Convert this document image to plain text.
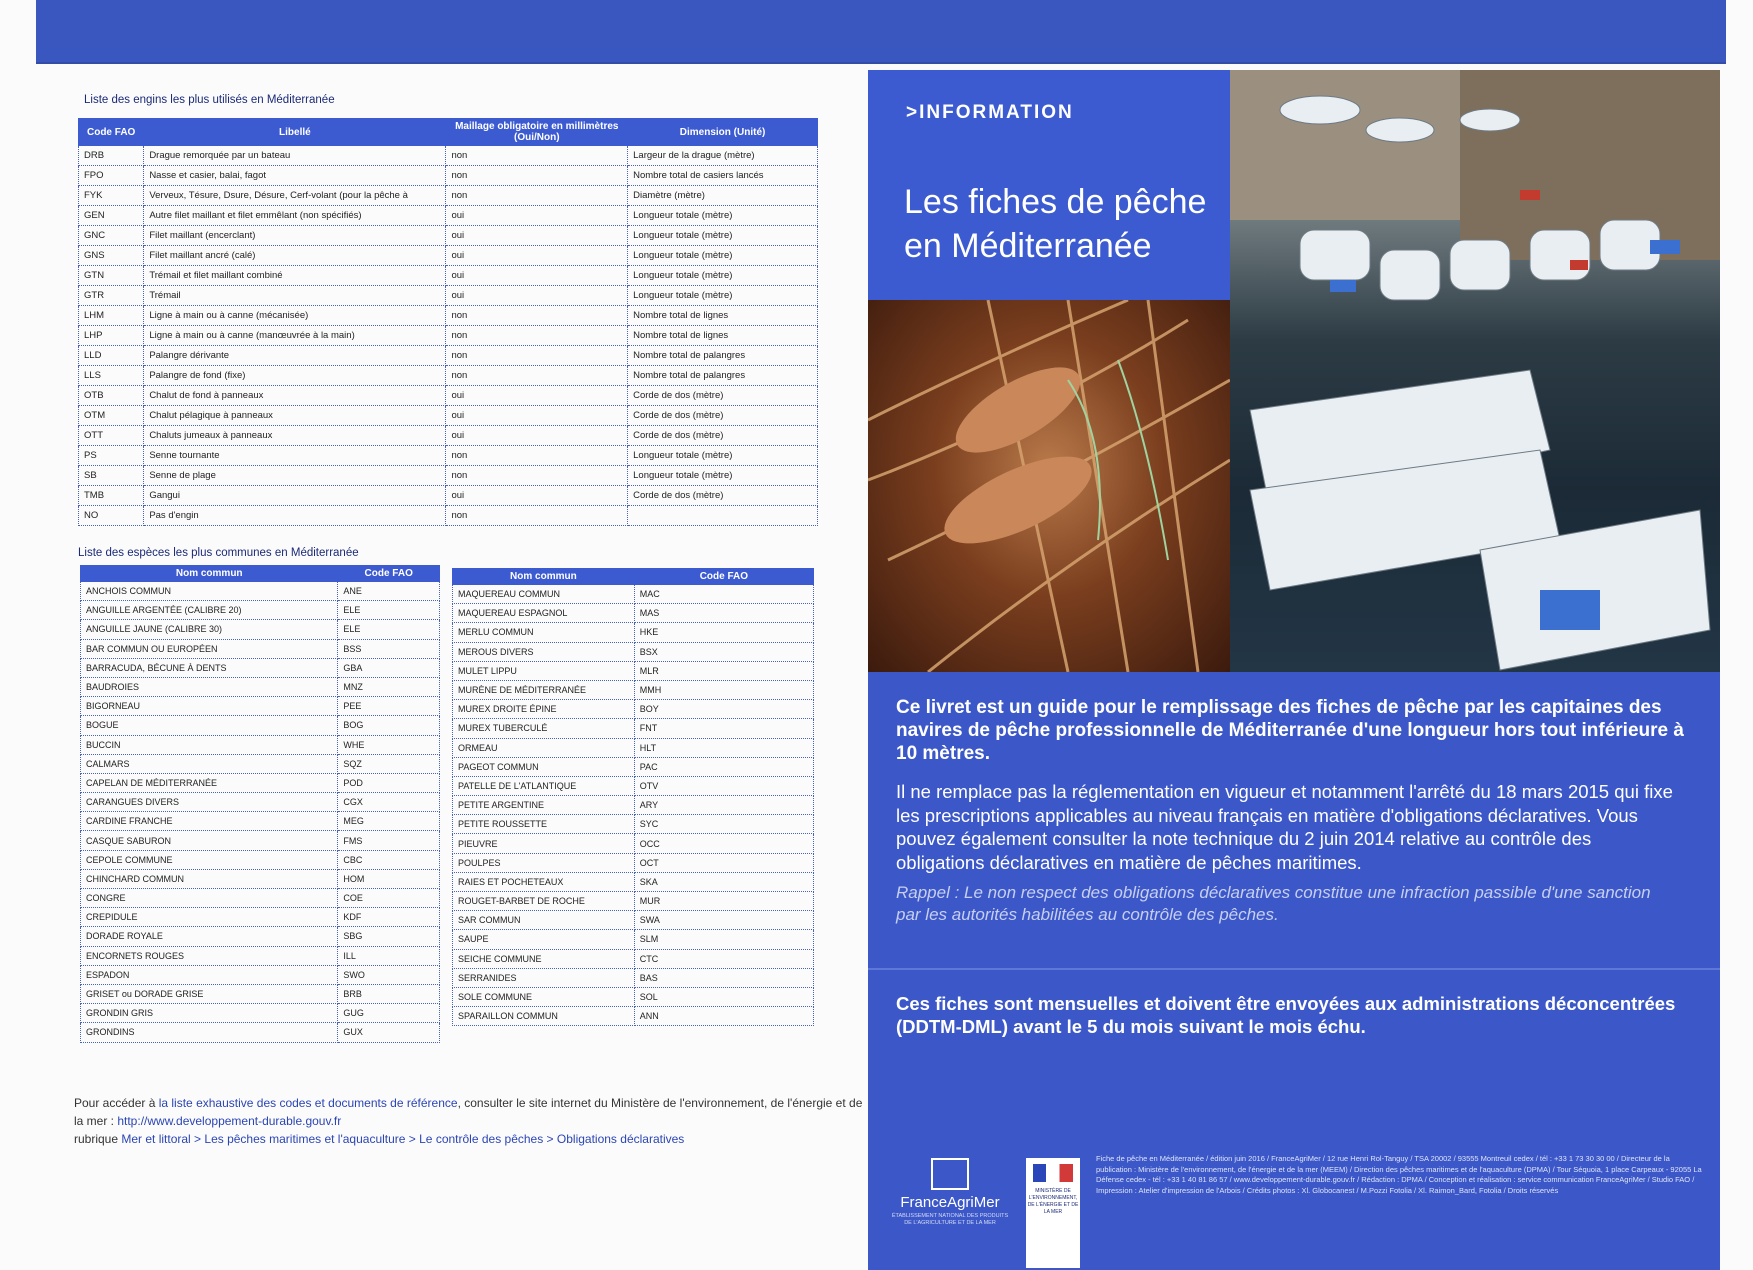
Liste des engins les plus utilisés en Méditerranée
Code FAO	Libellé	Maillage obligatoire en millimètres (Oui/Non)	Dimension (Unité)
DRB	Drague remorquée par un bateau	non	Largeur de la drague (mètre)
FPO	Nasse et casier, balai, fagot	non	Nombre total de casiers lancés
FYK	Verveux, Tésure, Dsure, Désure, Cerf-volant (pour la pêche à	non	Diamètre (mètre)
GEN	Autre filet maillant et filet emmêlant (non spécifiés)	oui	Longueur totale (mètre)
GNC	Filet maillant (encerclant)	oui	Longueur totale (mètre)
GNS	Filet maillant ancré (calé)	oui	Longueur totale (mètre)
GTN	Trémail et filet maillant combiné	oui	Longueur totale (mètre)
GTR	Trémail	oui	Longueur totale (mètre)
LHM	Ligne à main ou à canne (mécanisée)	non	Nombre total de lignes
LHP	Ligne à main ou à canne (manœuvrée à la main)	non	Nombre total de lignes
LLD	Palangre dérivante	non	Nombre total de palangres
LLS	Palangre de fond (fixe)	non	Nombre total de palangres
OTB	Chalut de fond à panneaux	oui	Corde de dos (mètre)
OTM	Chalut pélagique à panneaux	oui	Corde de dos (mètre)
OTT	Chaluts jumeaux à panneaux	oui	Corde de dos (mètre)
PS	Senne tournante	non	Longueur totale (mètre)
SB	Senne de plage	non	Longueur totale (mètre)
TMB	Gangui	oui	Corde de dos (mètre)
NO	Pas d'engin	non	
Liste des espèces les plus communes en Méditerranée
Nom commun	Code FAO
ANCHOIS COMMUN	ANE
ANGUILLE ARGENTÉE (CALIBRE 20)	ELE
ANGUILLE JAUNE (CALIBRE 30)	ELE
BAR COMMUN OU EUROPÉEN	BSS
BARRACUDA, BÉCUNE À DENTS	GBA
BAUDROIES	MNZ
BIGORNEAU	PEE
BOGUE	BOG
BUCCIN	WHE
CALMARS	SQZ
CAPELAN DE MÉDITERRANÉE	POD
CARANGUES DIVERS	CGX
CARDINE FRANCHE	MEG
CASQUE SABURON	FMS
CEPOLE COMMUNE	CBC
CHINCHARD COMMUN	HOM
CONGRE	COE
CREPIDULE	KDF
DORADE ROYALE	SBG
ENCORNETS ROUGES	ILL
ESPADON	SWO
GRISET ou DORADE GRISE	BRB
GRONDIN GRIS	GUG
GRONDINS	GUX
Nom commun	Code FAO
MAQUEREAU COMMUN	MAC
MAQUEREAU ESPAGNOL	MAS
MERLU COMMUN	HKE
MEROUS DIVERS	BSX
MULET LIPPU	MLR
MURÈNE DE MÉDITERRANÉE	MMH
MUREX DROITE ÉPINE	BOY
MUREX TUBERCULÉ	FNT
ORMEAU	HLT
PAGEOT COMMUN	PAC
PATELLE DE L'ATLANTIQUE	OTV
PETITE ARGENTINE	ARY
PETITE ROUSSETTE	SYC
PIEUVRE	OCC
POULPES	OCT
RAIES ET POCHETEAUX	SKA
ROUGET-BARBET DE ROCHE	MUR
SAR COMMUN	SWA
SAUPE	SLM
SEICHE COMMUNE	CTC
SERRANIDES	BAS
SOLE COMMUNE	SOL
SPARAILLON COMMUN	ANN
Pour accéder à la liste exhaustive des codes et documents de référence, consulter le site internet du Ministère de l'environnement, de l'énergie et de la mer : http://www.developpement-durable.gouv.fr
rubrique Mer et littoral > Les pêches maritimes et l'aquaculture > Le contrôle des pêches > Obligations déclaratives
>INFORMATION
Les fiches de pêche en Méditerranée
Ce livret est un guide pour le remplissage des fiches de pêche par les capitaines des navires de pêche professionnelle de Méditerranée d'une longueur hors tout inférieure à 10 mètres.
Il ne remplace pas la réglementation en vigueur et notamment l'arrêté du 18 mars 2015 qui fixe les prescriptions applicables au niveau français en matière d'obligations déclaratives. Vous pouvez également consulter la note technique du 2 juin 2014 relative au contrôle des obligations déclaratives en matière de pêches maritimes.
Rappel : Le non respect des obligations déclaratives constitue une infraction passible d'une sanction par les autorités habilitées au contrôle des pêches.
Ces fiches sont mensuelles et doivent être envoyées aux administrations déconcentrées (DDTM-DML) avant le 5 du mois suivant le mois échu.
FranceAgriMer
ÉTABLISSEMENT NATIONAL DES PRODUITS DE L'AGRICULTURE ET DE LA MER
MINISTÈRE DE L'ENVIRONNEMENT, DE L'ÉNERGIE ET DE LA MER
Fiche de pêche en Méditerranée / édition juin 2016 / FranceAgriMer / 12 rue Henri Rol-Tanguy / TSA 20002 / 93555 Montreuil cedex / tél : +33 1 73 30 30 00 / Directeur de la publication : Ministère de l'environnement, de l'énergie et de la mer (MEEM) / Direction des pêches maritimes et de l'aquaculture (DPMA) / Tour Séquoia, 1 place Carpeaux - 92055 La Défense cedex - tél : +33 1 40 81 86 57 / www.developpement-durable.gouv.fr / Rédaction : DPMA / Conception et réalisation : service communication FranceAgriMer / Studio FAO / Impression : Atelier d'impression de l'Arbois / Crédits photos : Xl. Globocanest / M.Pozzi Fotolia / Xl. Raimon_Bard, Fotolia / Droits réservés
